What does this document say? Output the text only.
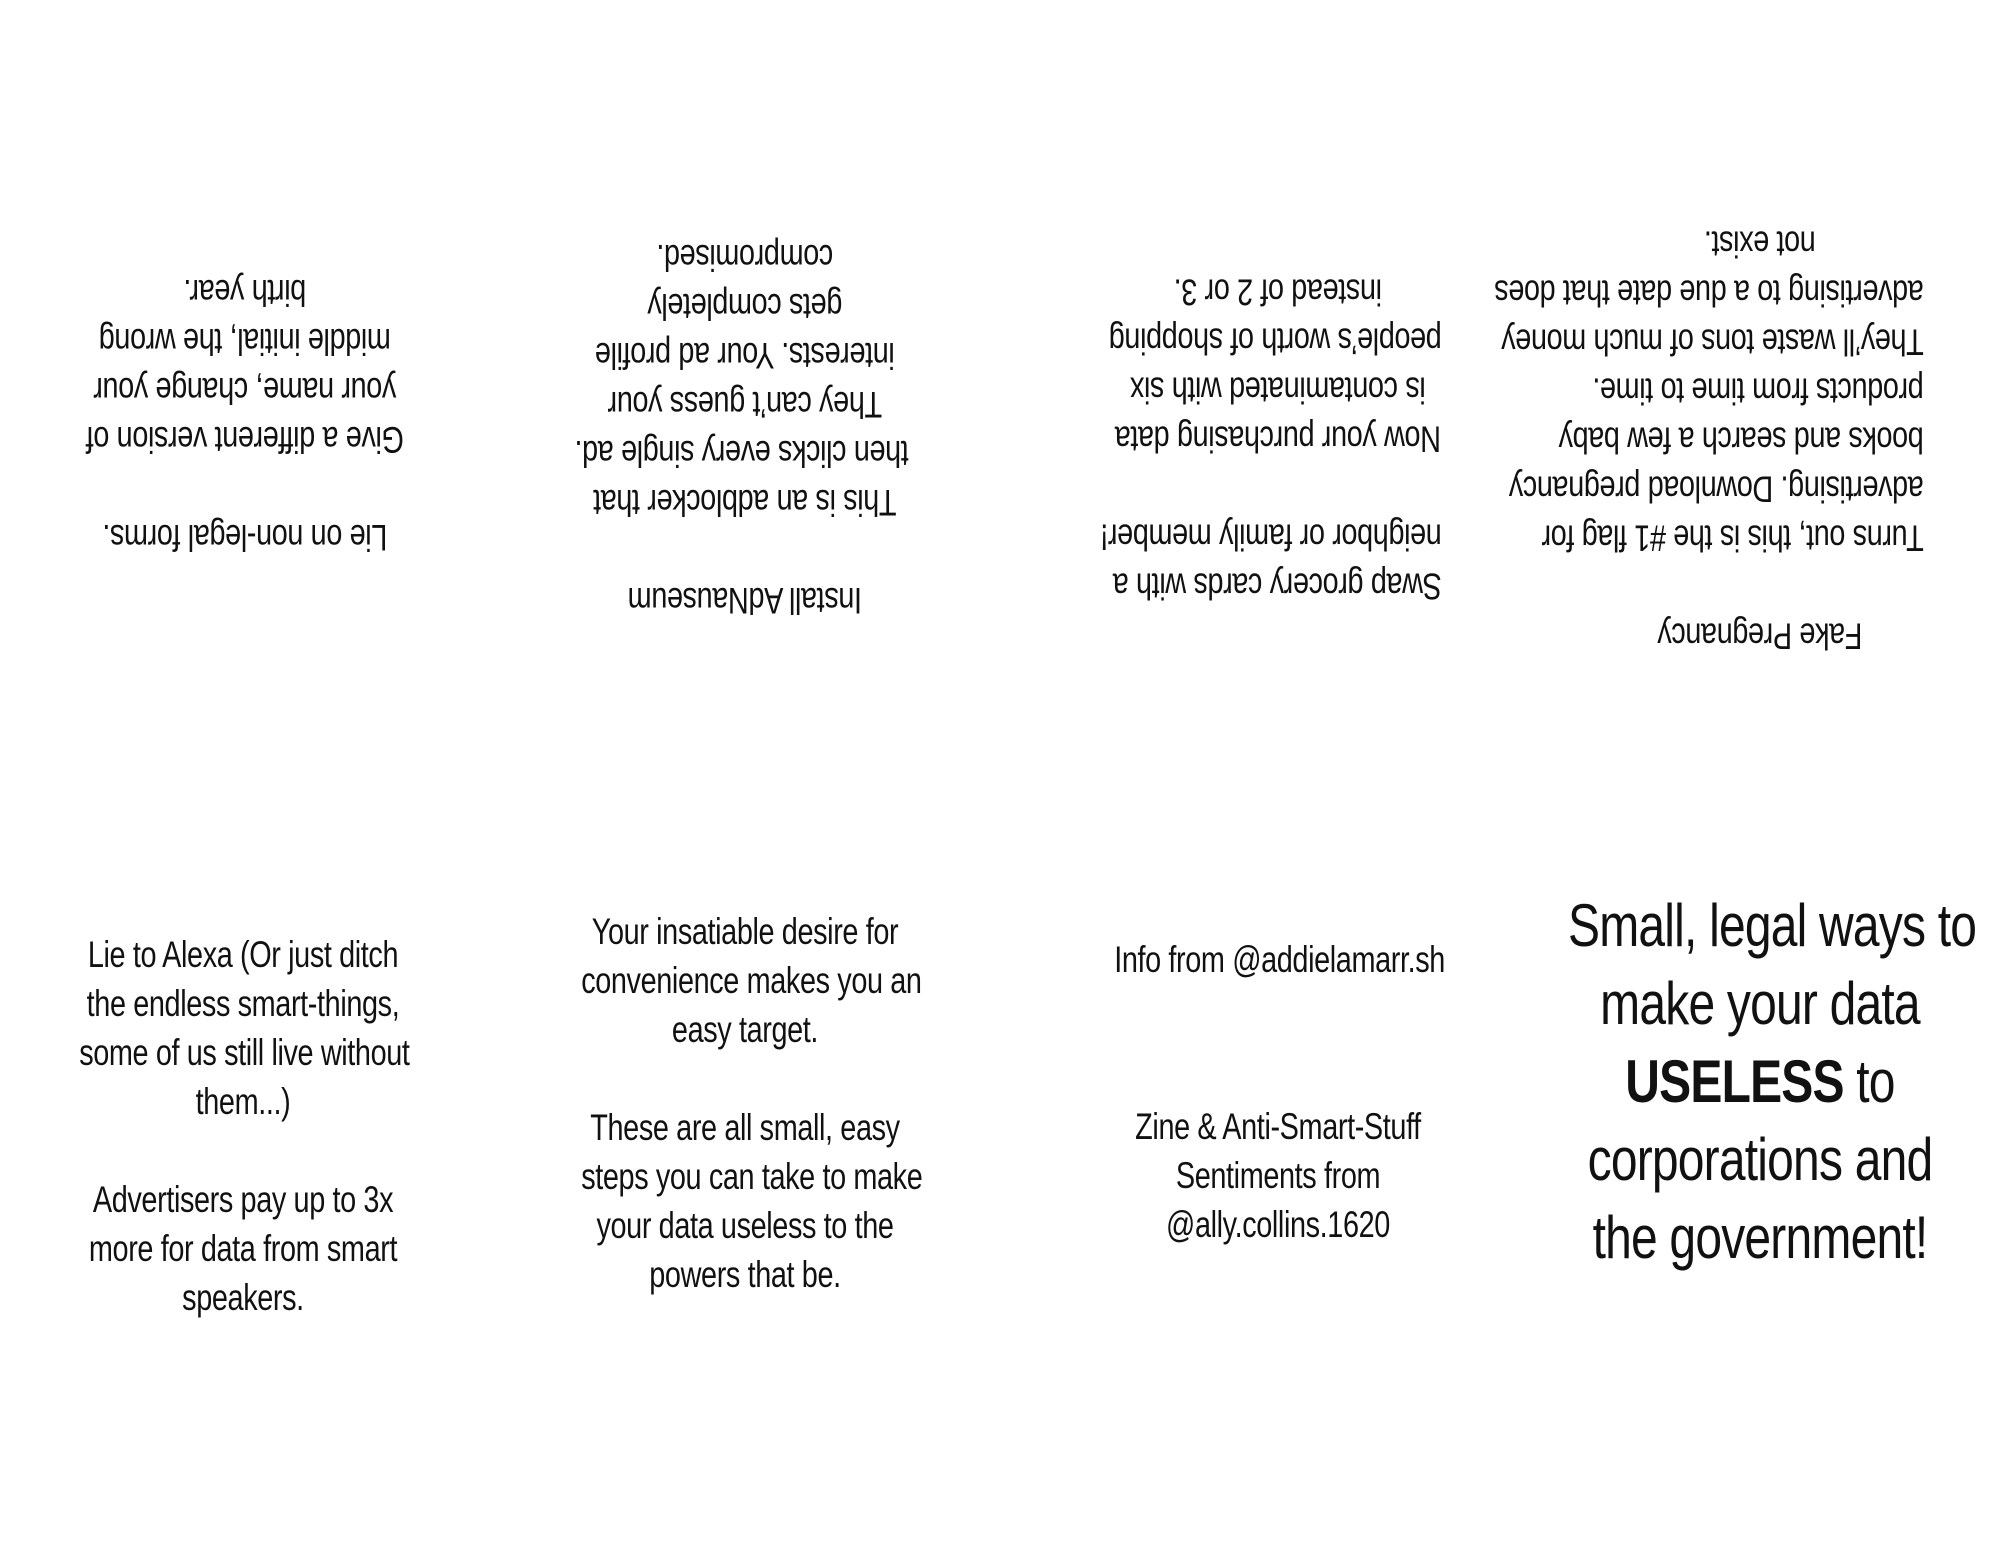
Lie on non-legal forms.
Give a different version of
your name, change your
middle initial, the wrong
birth year.
Install AdNauseum
This is an adblocker that
then clicks every single ad.
They can’t guess your
interests. Your ad profile
gets completely
compromised.
Swap grocery cards with a
neighbor or family member!
Now your purchasing data
is contaminated with six
people’s worth of shopping
instead of 2 or 3.
Fake Pregnancy
Turns out, this is the #1 flag for
advertising. Download pregnancy
books and search a few baby
products from time to time.
They’ll waste tons of much money
advertising to a due date that does
not exist.
Lie to Alexa (Or just ditch
the endless smart-things,
some of us still live without
them...)
Advertisers pay up to 3x
more for data from smart
speakers.
Your insatiable desire for
convenience makes you an
easy target.
These are all small, easy
steps you can take to make
your data useless to the
powers that be.
Info from @addielamarr.sh
Zine & Anti-Smart-Stuff
Sentiments from
@ally.collins.1620

Small, legal ways to

make your data

USELESS to

corporations and

the government!
